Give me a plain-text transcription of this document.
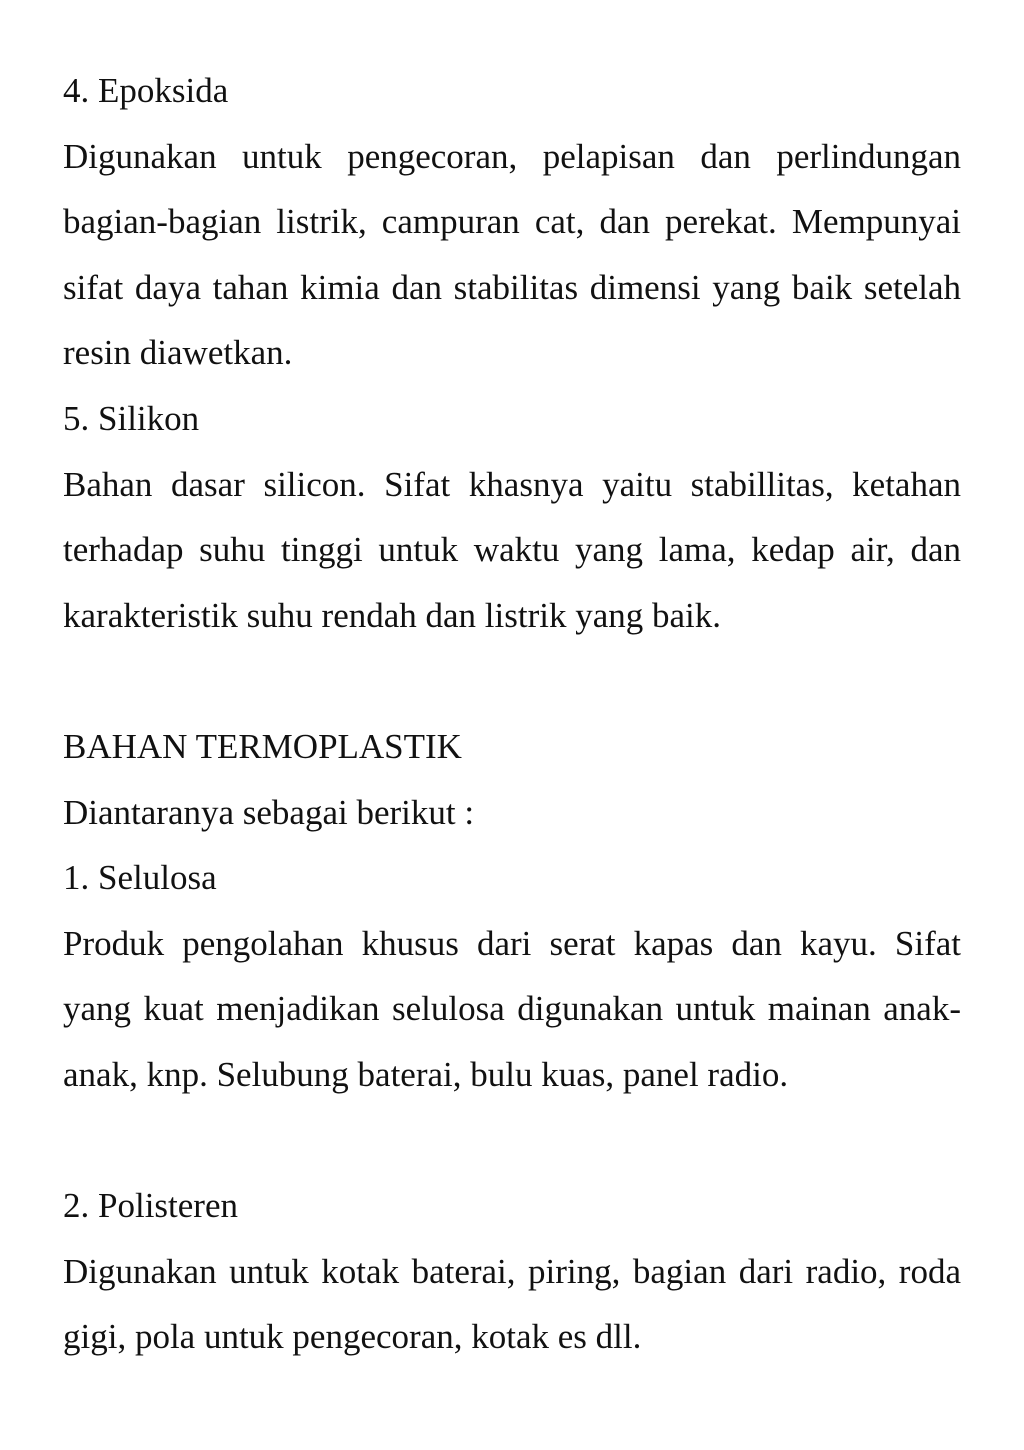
4. Epoksida
Digunakan untuk pengecoran, pelapisan dan perlindungan bagian-bagian listrik, campuran cat, dan perekat. Mempunyai sifat daya tahan kimia dan stabilitas dimensi yang baik setelah resin diawetkan.
5. Silikon
Bahan dasar silicon. Sifat khasnya yaitu stabillitas, ketahan terhadap suhu tinggi untuk waktu yang lama, kedap air, dan karakteristik suhu rendah dan listrik yang baik.
BAHAN TERMOPLASTIK
Diantaranya sebagai berikut :
1. Selulosa
Produk pengolahan khusus dari serat kapas dan kayu. Sifat yang kuat menjadikan selulosa digunakan untuk mainan anak-anak, knp. Selubung baterai, bulu kuas, panel radio.
2. Polisteren
Digunakan untuk kotak baterai, piring, bagian dari radio, roda gigi, pola untuk pengecoran, kotak es dll.
